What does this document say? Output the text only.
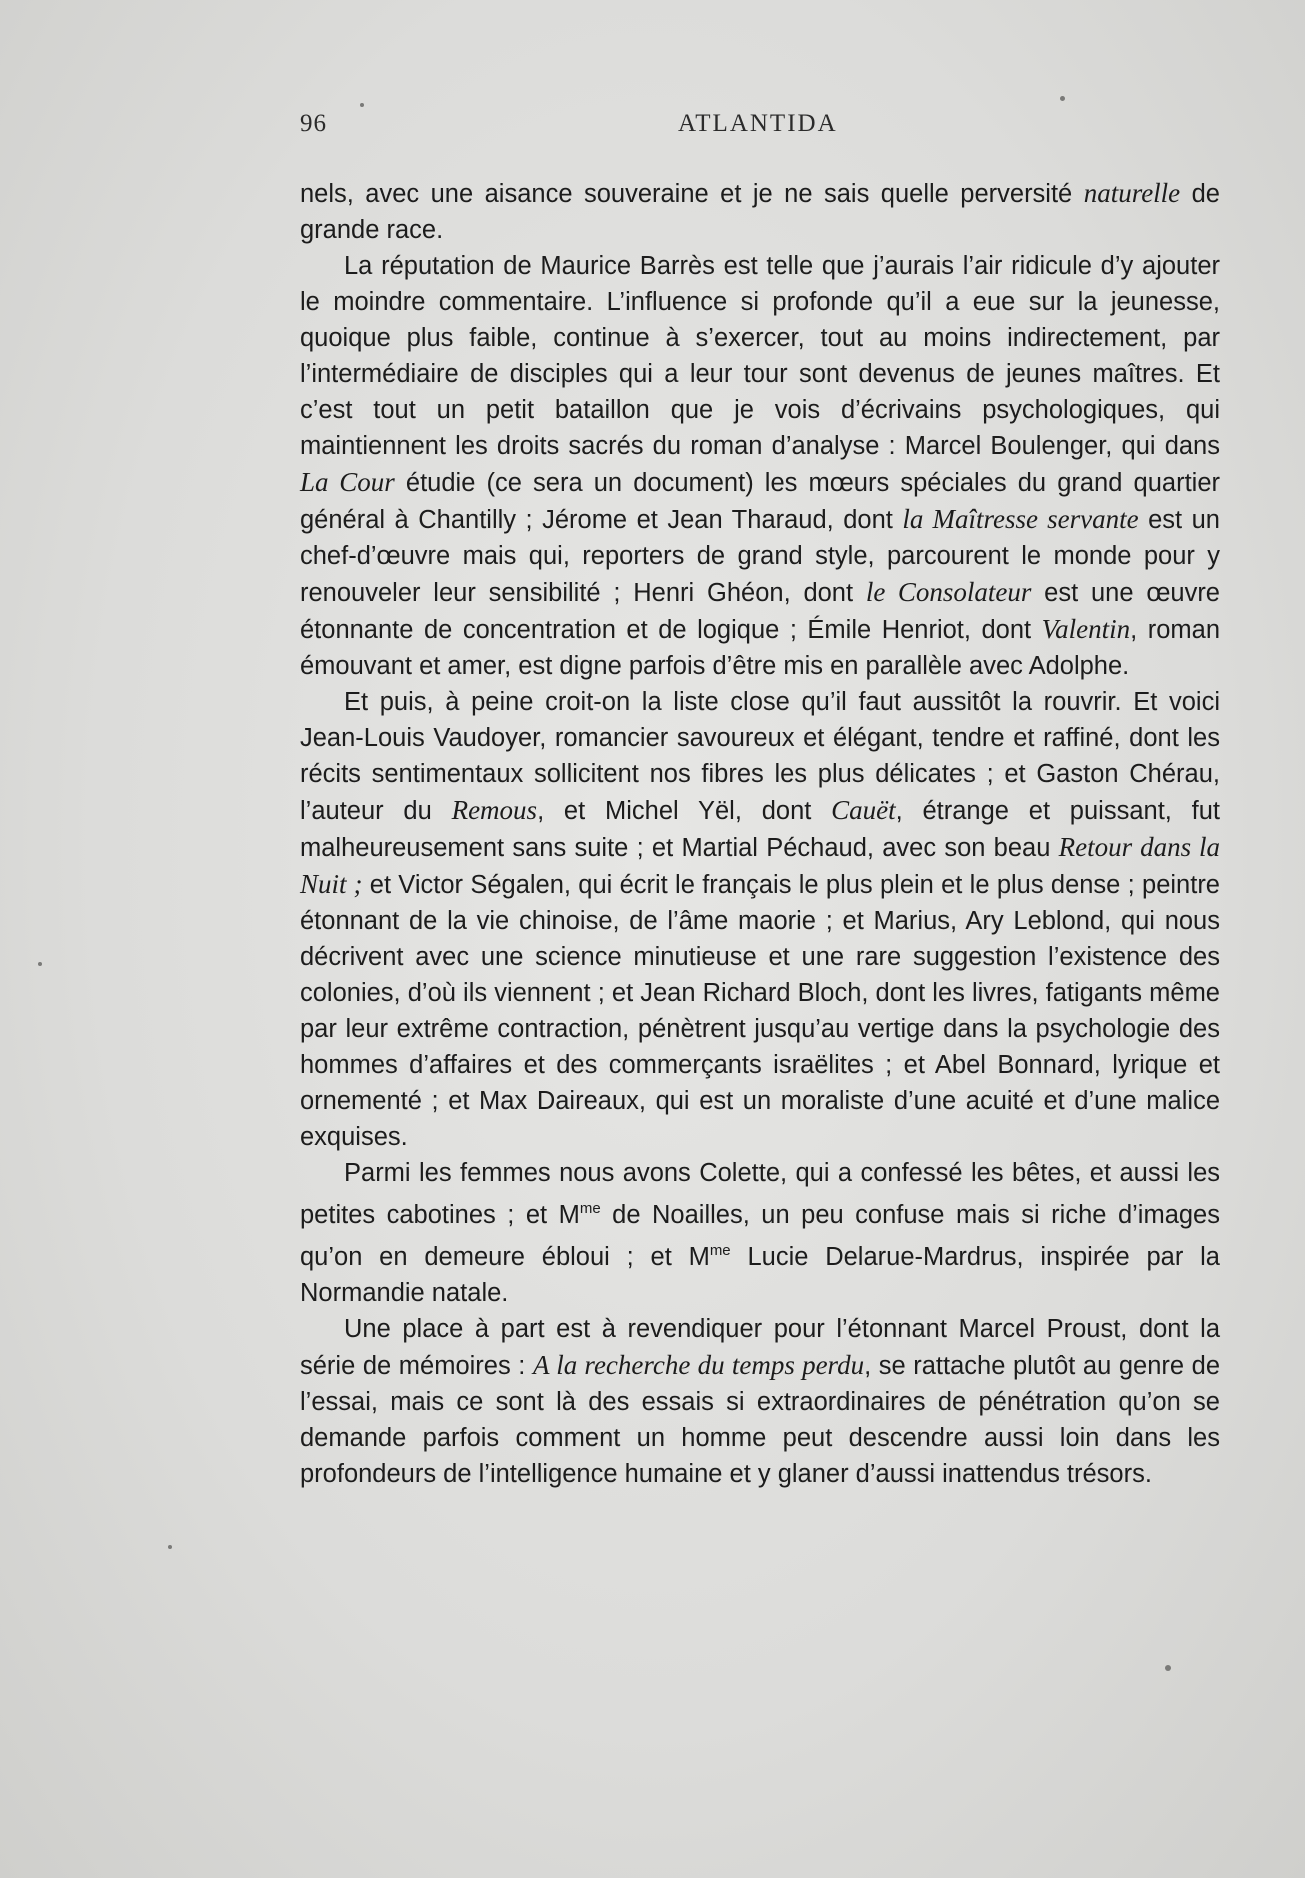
96	ATLANTIDA

nels, avec une aisance souveraine et je ne sais quelle perversité naturelle de grande race.

La réputation de Maurice Barrès est telle que j’aurais l’air ridicule d’y ajouter le moindre commentaire. L’influence si profonde qu’il a eue sur la jeunesse, quoique plus faible, continue à s’exercer, tout au moins indirectement, par l’intermédiaire de disciples qui a leur tour sont devenus de jeunes maîtres. Et c’est tout un petit bataillon que je vois d’écrivains psychologiques, qui maintiennent les droits sacrés du roman d’analyse : Marcel Boulenger, qui dans La Cour étudie (ce sera un document) les mœurs spéciales du grand quartier général à Chantilly ; Jérome et Jean Tharaud, dont la Maîtresse servante est un chef-d’œuvre mais qui, reporters de grand style, parcourent le monde pour y renouveler leur sensibilité ; Henri Ghéon, dont le Consolateur est une œuvre étonnante de concentration et de logique ; Émile Henriot, dont Valentin, roman émouvant et amer, est digne parfois d’être mis en parallèle avec Adolphe.

Et puis, à peine croit-on la liste close qu’il faut aussitôt la rouvrir. Et voici Jean-Louis Vaudoyer, romancier savoureux et élégant, tendre et raffiné, dont les récits sentimentaux sollicitent nos fibres les plus délicates ; et Gaston Chérau, l’auteur du Remous, et Michel Yël, dont Cauët, étrange et puissant, fut malheureusement sans suite ; et Martial Péchaud, avec son beau Retour dans la Nuit ; et Victor Ségalen, qui écrit le français le plus plein et le plus dense ; peintre étonnant de la vie chinoise, de l’âme maorie ; et Marius, Ary Leblond, qui nous décrivent avec une science minutieuse et une rare suggestion l’existence des colonies, d’où ils viennent ; et Jean Richard Bloch, dont les livres, fatigants même par leur extrême contraction, pénètrent jusqu’au vertige dans la psychologie des hommes d’affaires et des commerçants israëlites ; et Abel Bonnard, lyrique et ornementé ; et Max Daireaux, qui est un moraliste d’une acuité et d’une malice exquises.

Parmi les femmes nous avons Colette, qui a confessé les bêtes, et aussi les petites cabotines ; et $M^{me}$ de Noailles, un peu confuse mais si riche d’images qu’on en demeure ébloui ; et $M^{me}$ Lucie Delarue-Mardrus, inspirée par la Normandie natale.

Une place à part est à revendiquer pour l’étonnant Marcel Proust, dont la série de mémoires : A la recherche du temps perdu, se rattache plutôt au genre de l’essai, mais ce sont là des essais si extraordinaires de pénétration qu’on se demande parfois comment un homme peut descendre aussi loin dans les profondeurs de l’intelligence humaine et y glaner d’aussi inattendus trésors.
